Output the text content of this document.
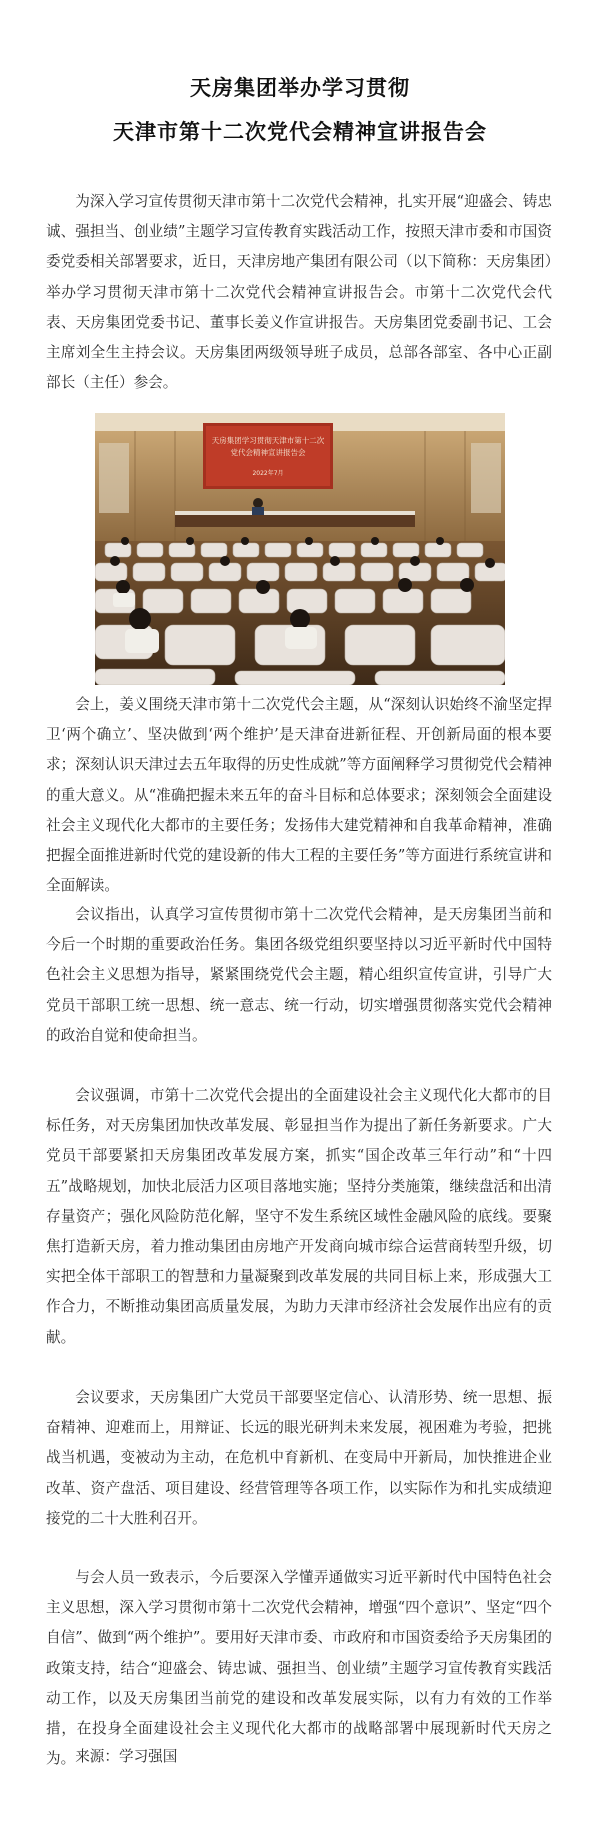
天房集团举办学习贯彻
天津市第十二次党代会精神宣讲报告会

为深入学习宣传贯彻天津市第十二次党代会精神，扎实开展“迎盛会、铸忠诚、强担当、创业绩”主题学习宣传教育实践活动工作，按照天津市委和市国资委党委相关部署要求，近日，天津房地产集团有限公司（以下简称：天房集团）举办学习贯彻天津市第十二次党代会精神宣讲报告会。市第十二次党代会代表、天房集团党委书记、董事长姜义作宣讲报告。天房集团党委副书记、工会主席刘全生主持会议。天房集团两级领导班子成员，总部各部室、各中心正副部长（主任）参会。

天房集团学习贯彻天津市第十二次
党代会精神宣讲报告会
2022年7月

会上，姜义围绕天津市第十二次党代会主题，从“深刻认识始终不渝坚定捍卫‘两个确立’、坚决做到‘两个维护’是天津奋进新征程、开创新局面的根本要求；深刻认识天津过去五年取得的历史性成就”等方面阐释学习贯彻党代会精神的重大意义。从“准确把握未来五年的奋斗目标和总体要求；深刻领会全面建设社会主义现代化大都市的主要任务；发扬伟大建党精神和自我革命精神，准确把握全面推进新时代党的建设新的伟大工程的主要任务”等方面进行系统宣讲和全面解读。

会议指出，认真学习宣传贯彻市第十二次党代会精神，是天房集团当前和今后一个时期的重要政治任务。集团各级党组织要坚持以习近平新时代中国特色社会主义思想为指导，紧紧围绕党代会主题，精心组织宣传宣讲，引导广大党员干部职工统一思想、统一意志、统一行动，切实增强贯彻落实党代会精神的政治自觉和使命担当。

会议强调，市第十二次党代会提出的全面建设社会主义现代化大都市的目标任务，对天房集团加快改革发展、彰显担当作为提出了新任务新要求。广大党员干部要紧扣天房集团改革发展方案，抓实“国企改革三年行动”和“十四五”战略规划，加快北辰活力区项目落地实施；坚持分类施策，继续盘活和出清存量资产；强化风险防范化解，坚守不发生系统区域性金融风险的底线。要聚焦打造新天房，着力推动集团由房地产开发商向城市综合运营商转型升级，切实把全体干部职工的智慧和力量凝聚到改革发展的共同目标上来，形成强大工作合力，不断推动集团高质量发展，为助力天津市经济社会发展作出应有的贡献。

会议要求，天房集团广大党员干部要坚定信心、认清形势、统一思想、振奋精神、迎难而上，用辩证、长远的眼光研判未来发展，视困难为考验，把挑战当机遇，变被动为主动，在危机中育新机、在变局中开新局，加快推进企业改革、资产盘活、项目建设、经营管理等各项工作，以实际作为和扎实成绩迎接党的二十大胜利召开。

与会人员一致表示，今后要深入学懂弄通做实习近平新时代中国特色社会主义思想，深入学习贯彻市第十二次党代会精神，增强“四个意识”、坚定“四个自信”、做到“两个维护”。要用好天津市委、市政府和市国资委给予天房集团的政策支持，结合“迎盛会、铸忠诚、强担当、创业绩”主题学习宣传教育实践活动工作，以及天房集团当前党的建设和改革发展实际，以有力有效的工作举措，在投身全面建设社会主义现代化大都市的战略部署中展现新时代天房之为。 来源：学习强国
